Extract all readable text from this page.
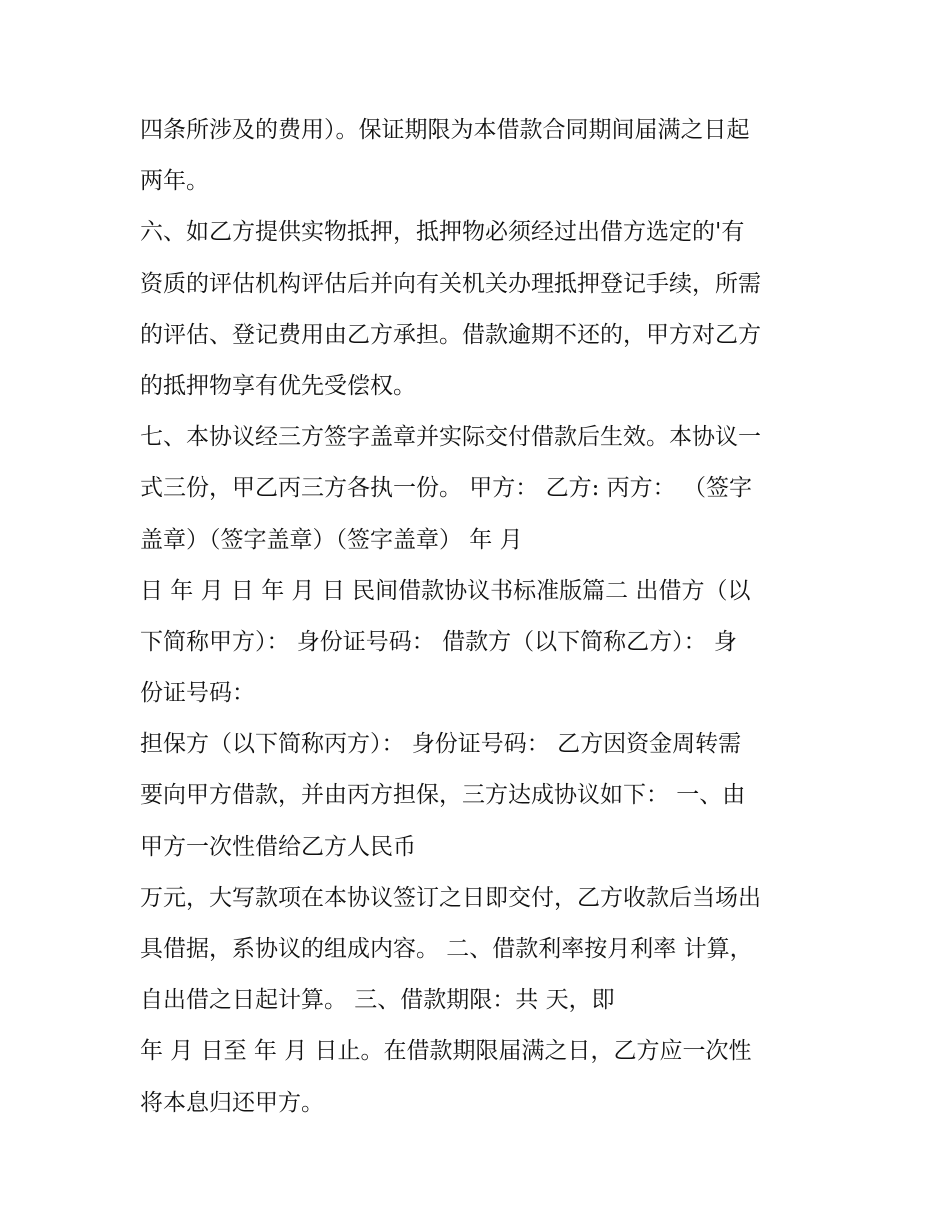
四条所涉及的费用）。保证期限为本借款合同期间届满之日起
两年。
六、如乙方提供实物抵押，抵押物必须经过出借方选定的'有
资质的评估机构评估后并向有关机关办理抵押登记手续，所需
的评估、登记费用由乙方承担。借款逾期不还的，甲方对乙方
的抵押物享有优先受偿权。
七、本协议经三方签字盖章并实际交付借款后生效。本协议一
式三份，甲乙丙三方各执一份。 甲方： 乙方: 丙方： （签字
盖章）（签字盖章）（签字盖章） 年 月
日 年 月 日 年 月 日 民间借款协议书标准版篇二 出借方（以
下简称甲方）： 身份证号码： 借款方（以下简称乙方）： 身
份证号码：
担保方（以下简称丙方）： 身份证号码： 乙方因资金周转需
要向甲方借款，并由丙方担保，三方达成协议如下： 一、由
甲方一次性借给乙方人民币
万元，大写款项在本协议签订之日即交付，乙方收款后当场出
具借据，系协议的组成内容。 二、借款利率按月利率 计算，
自出借之日起计算。 三、借款期限：共 天，即
年 月 日至 年 月 日止。在借款期限届满之日，乙方应一次性
将本息归还甲方。
